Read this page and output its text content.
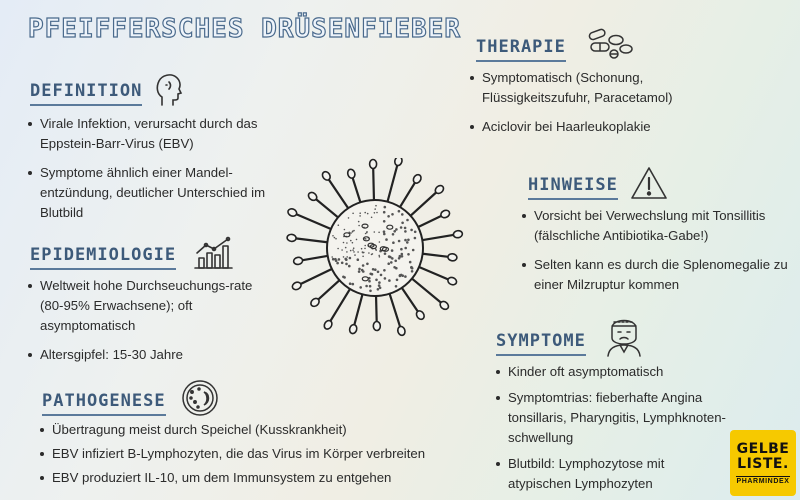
PFEIFFERSCHES DRÜSENFIEBER
DEFINITION
Virale Infektion, verursacht durch das Eppstein-Barr-Virus (EBV)
Symptome ähnlich einer Mandel-entzündung, deutlicher Unterschied im Blutbild
EPIDEMIOLOGIE
Weltweit hohe Durchseuchungs-rate (80-95% Erwachsene); oft asymptomatisch
Altersgipfel: 15-30 Jahre
PATHOGENESE
Übertragung meist durch Speichel (Kusskrankheit)
EBV infiziert B-Lymphozyten, die das Virus im Körper verbreiten
EBV produziert IL-10, um dem Immunsystem zu entgehen
THERAPIE
Symptomatisch (Schonung, Flüssigkeitszufuhr, Paracetamol)
Aciclovir bei Haarleukoplakie
HINWEISE
Vorsicht bei Verwechslung mit Tonsillitis (fälschliche Antibiotika-Gabe!)
Selten kann es durch die Splenomegalie zu einer Milzruptur kommen
SYMPTOME
Kinder oft asymptomatisch
Symptomtrias: fieberhafte Angina tonsillaris, Pharyngitis, Lymphknoten-schwellung
Blutbild: Lymphozytose mit atypischen Lymphozyten
GELBE
LISTE.
PHARMINDEX
